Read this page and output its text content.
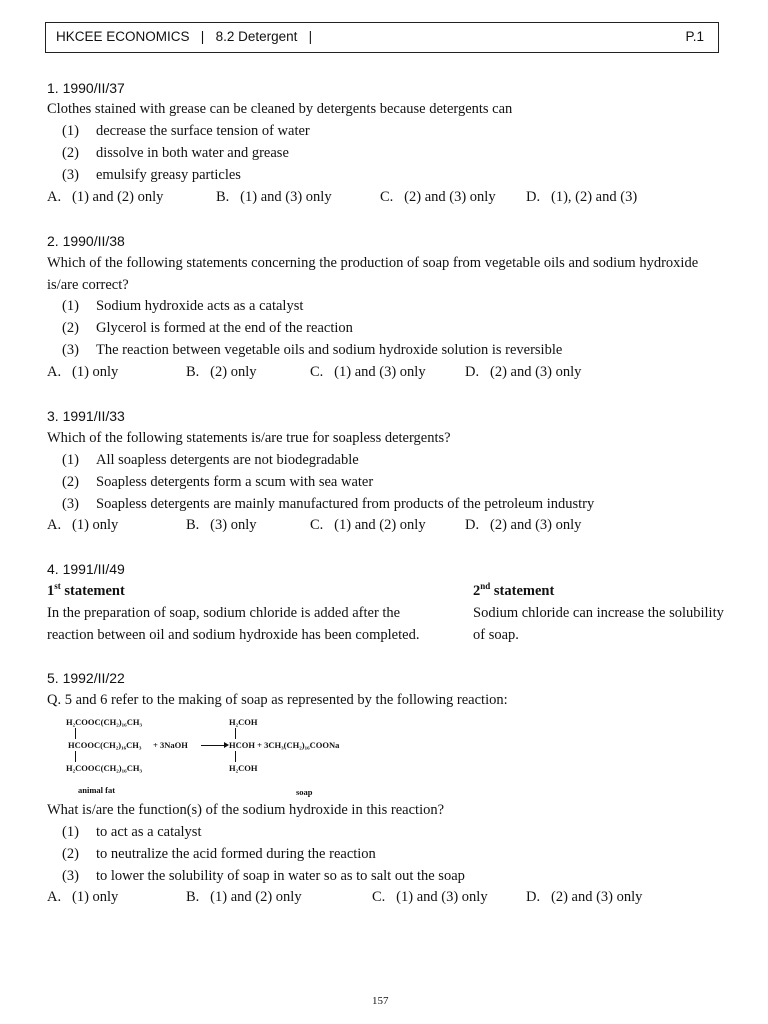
HKCEE ECONOMICS | 8.2 Detergent |	P.1
1. 1990/II/37
Clothes stained with grease can be cleaned by detergents because detergents can
(1) decrease the surface tension of water
(2) dissolve in both water and grease
(3) emulsify greasy particles
A. (1) and (2) only	B. (1) and (3) only	C. (2) and (3) only D. (1), (2) and (3)
2. 1990/II/38
Which of the following statements concerning the production of soap from vegetable oils and sodium hydroxide
is/are correct?
(1) Sodium hydroxide acts as a catalyst
(2) Glycerol is formed at the end of the reaction
(3) The reaction between vegetable oils and sodium hydroxide solution is reversible
A. (1) only	B. (2) only	C. (1) and (3) only	D. (2) and (3) only
3. 1991/II/33
Which of the following statements is/are true for soapless detergents?
(1) All soapless detergents are not biodegradable
(2) Soapless detergents form a scum with sea water
(3) Soapless detergents are mainly manufactured from products of the petroleum industry
A. (1) only	B. (3) only	C. (1) and (2) only	D. (2) and (3) only
4. 1991/II/49
1st statement	2nd statement
In the preparation of soap, sodium chloride is added after the
reaction between oil and sodium hydroxide has been completed.
Sodium chloride can increase the solubility
of soap.
5. 1992/II/22
Q. 5 and 6 refer to the making of soap as represented by the following reaction:
H₂COOC(CH₂)₁₆CH₃
HCOOC(CH₂)₁₆CH₃
H₂COOC(CH₂)₁₆CH₃
+ 3NaOH
H₂COH
HCOH + 3CH₃(CH₂)₁₆COONa
H₂COH
animal fat	soap
What is/are the function(s) of the sodium hydroxide in this reaction?
(1) to act as a catalyst
(2) to neutralize the acid formed during the reaction
(3) to lower the solubility of soap in water so as to salt out the soap
A. (1) only	B. (1) and (2) only	C. (1) and (3) only	D. (2) and (3) only
157
